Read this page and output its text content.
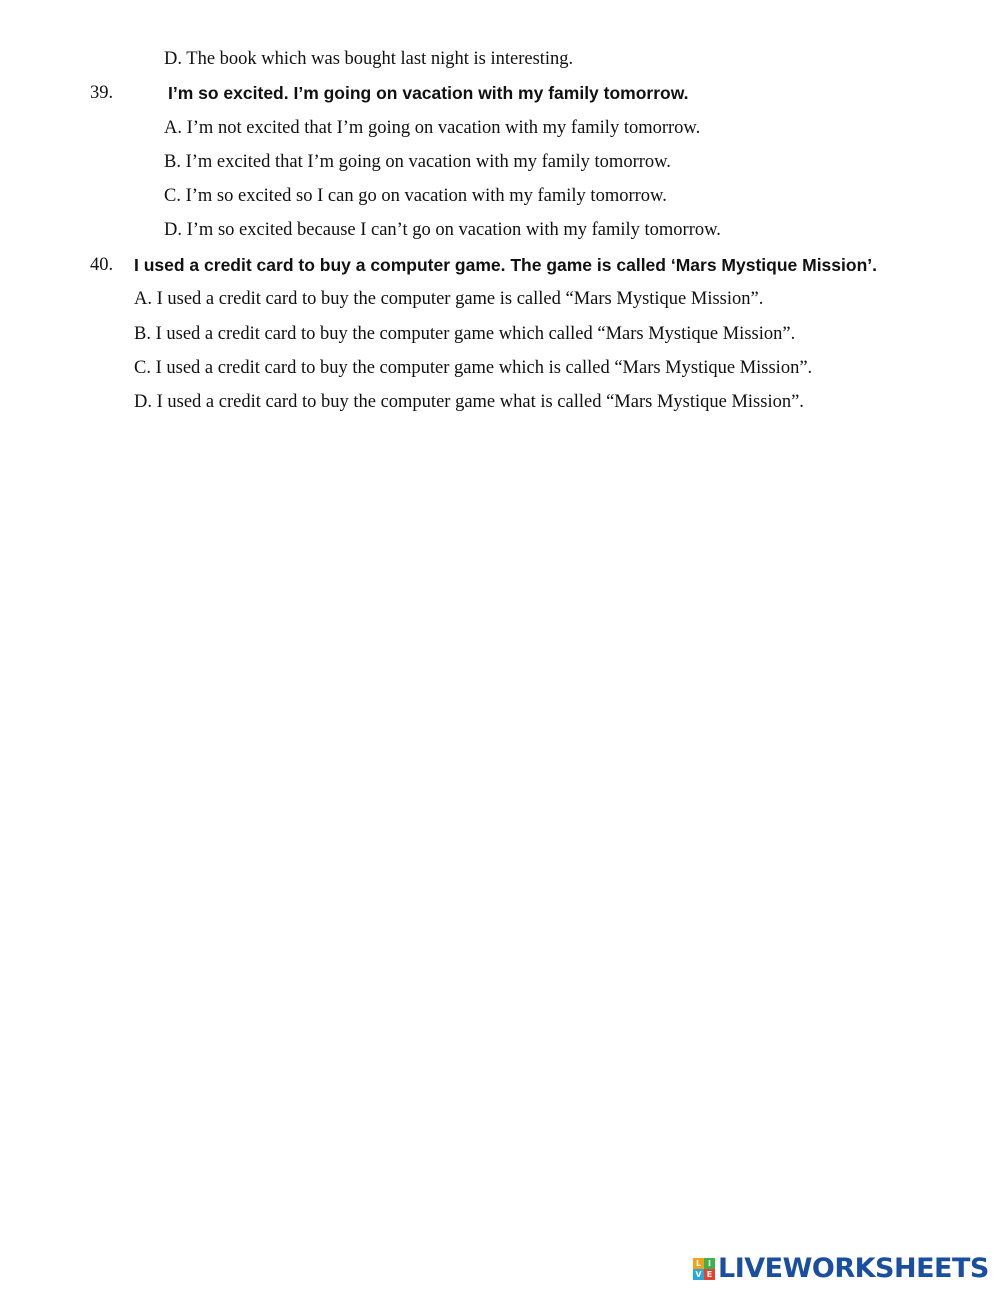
D. The book which was bought last night is interesting.
39.	I’m so excited. I’m going on vacation with my family tomorrow.
A. I’m not excited that I’m going on vacation with my family tomorrow.
B. I’m excited that I’m going on vacation with my family tomorrow.
C. I’m so excited so I can go on vacation with my family tomorrow.
D. I’m so excited because I can’t go on vacation with my family tomorrow.
40. I used a credit card to buy a computer game. The game is called ‘Mars Mystique Mission’.
A. I used a credit card to buy the computer game is called “Mars Mystique Mission”.
B. I used a credit card to buy the computer game which called “Mars Mystique Mission”.
C. I used a credit card to buy the computer game which is called “Mars Mystique Mission”.
D. I used a credit card to buy the computer game what is called “Mars Mystique Mission”.
L I
V E LIVEWORKSHEETS
